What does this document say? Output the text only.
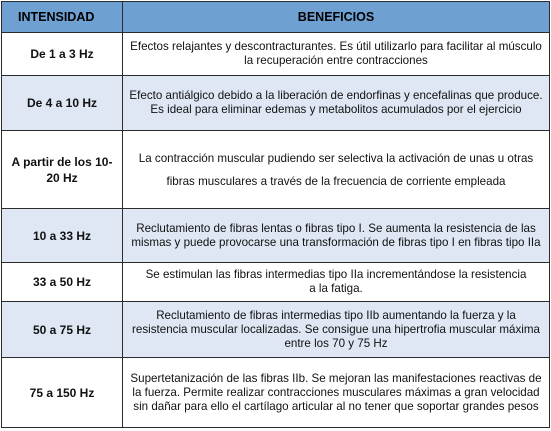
INTENSIDAD	BENEFICIOS
De 1 a 3 Hz	Efectos relajantes y descontracturantes. Es útil utilizarlo para facilitar al músculo la recuperación entre contracciones
De 4 a 10 Hz	Efecto antiálgico debido a la liberación de endorfinas y encefalinas que produce. Es ideal para eliminar edemas y metabolitos acumulados por el ejercicio
A partir de los 10-20 Hz	La contracción muscular pudiendo ser selectiva la activación de unas u otras fibras musculares a través de la frecuencia de corriente empleada
10 a 33 Hz	Reclutamiento de fibras lentas o fibras tipo I. Se aumenta la resistencia de las mismas y puede provocarse una transformación de fibras tipo I en fibras tipo IIa
33 a 50 Hz	Se estimulan las fibras intermedias tipo IIa incrementándose la resistencia a la fatiga.
50 a 75 Hz	Reclutamiento de fibras intermedias tipo IIb aumentando la fuerza y la resistencia muscular localizadas. Se consigue una hipertrofia muscular máxima entre los 70 y 75 Hz
75 a 150 Hz	Supertetanización de las fibras IIb. Se mejoran las manifestaciones reactivas de la fuerza. Permite realizar contracciones musculares máximas a gran velocidad sin dañar para ello el cartílago articular al no tener que soportar grandes pesos
